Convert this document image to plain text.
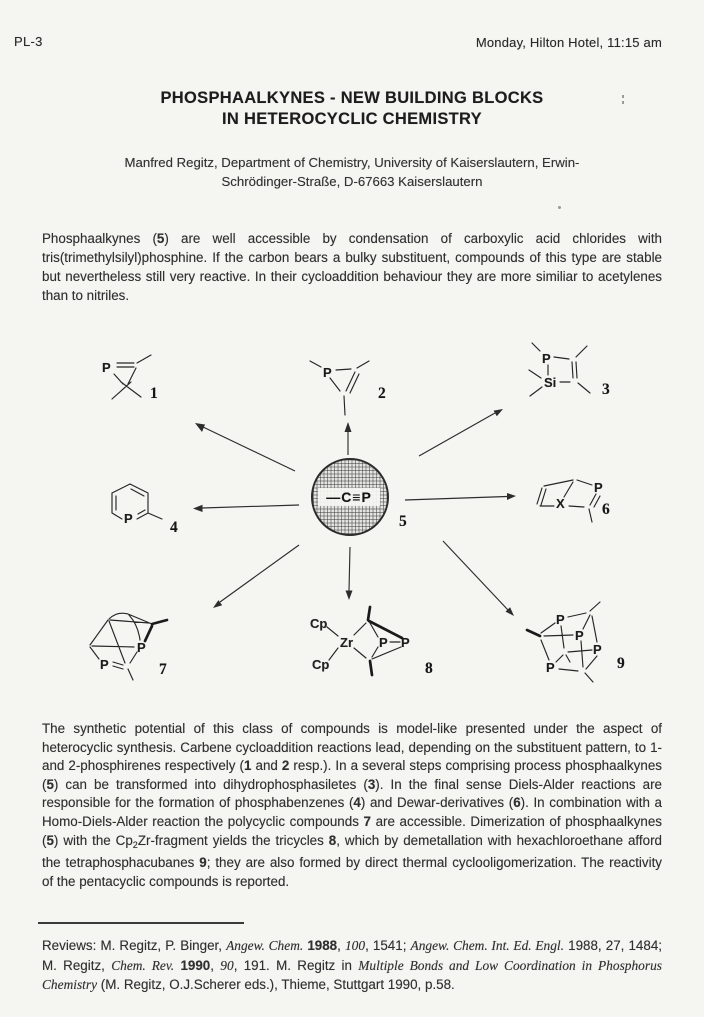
PL-3	Monday, Hilton Hotel, 11:15 am
PHOSPHAALKYNES - NEW BUILDING BLOCKS
IN HETEROCYCLIC CHEMISTRY
Manfred Regitz, Department of Chemistry, University of Kaiserslautern, Erwin-
Schrödinger-Straße, D-67663 Kaiserslautern

Phosphaalkynes (5) are well accessible by condensation of carboxylic acid chlorides with tris(trimethylsilyl)phosphine. If the carbon bears a bulky substituent, compounds of this type are stable but nevertheless still very reactive. In their cycloaddition behaviour they are more similiar to acetylenes than to nitriles.

—C≡P
5
P
1
P
2
P
Si	3
P
4
P
X 6
P
P	7
Cp
Cp
Zr P P
8
P
P
P
P	9

The synthetic potential of this class of compounds is model-like presented under the aspect of heterocyclic synthesis. Carbene cycloaddition reactions lead, depending on the substituent pattern, to 1- and 2-phosphirenes respectively (1 and 2 resp.). In a several steps comprising process phosphaalkynes (5) can be transformed into dihydrophosphasiletes (3). In the final sense Diels-Alder reactions are responsible for the formation of phosphabenzenes (4) and Dewar-derivatives (6). In combination with a Homo-Diels-Alder reaction the polycyclic compounds 7 are accessible. Dimerization of phosphaalkynes (5) with the $Cp_2Zr$-fragment yields the tricycles 8, which by demetallation with hexachloroethane afford the tetraphosphacubanes 9; they are also formed by direct thermal cyclooligomerization. The reactivity of the pentacyclic compounds is reported.

Reviews: M. Regitz, P. Binger, Angew. Chem. 1988, 100, 1541; Angew. Chem. Int. Ed. Engl. 1988, 27, 1484; M. Regitz, Chem. Rev. 1990, 90, 191. M. Regitz in Multiple Bonds and Low Coordination in Phosphorus Chemistry (M. Regitz, O.J.Scherer eds.), Thieme, Stuttgart 1990, p.58.
